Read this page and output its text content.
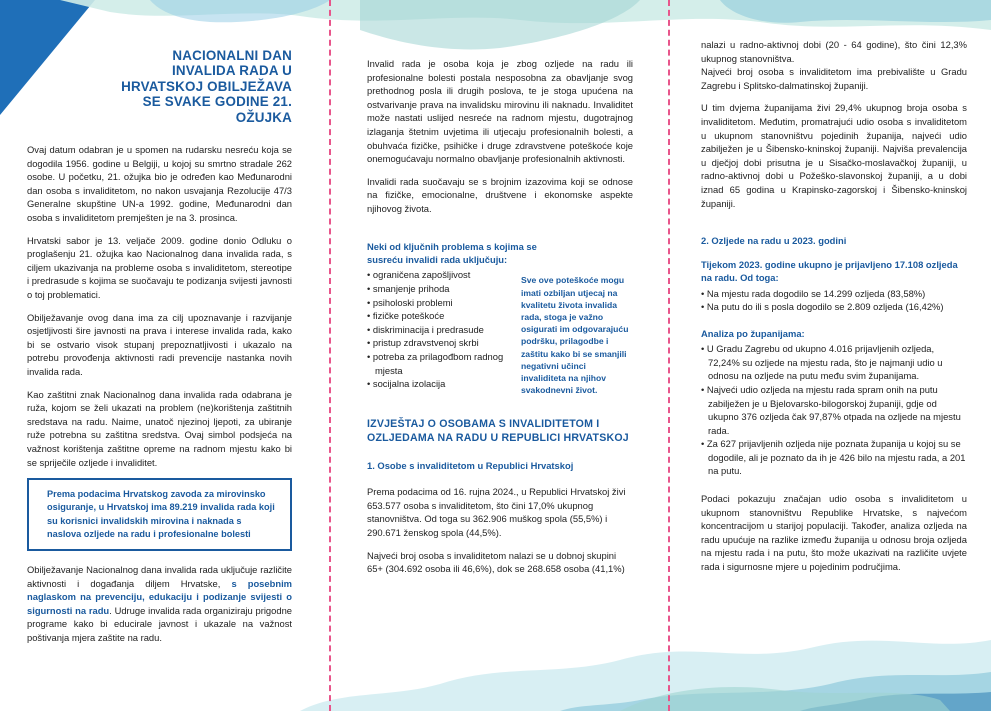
NACIONALNI DAN INVALIDA RADA U HRVATSKOJ OBILJEŽAVA SE SVAKE GODINE 21. OŽUJKA

Ovaj datum odabran je u spomen na rudarsku nesreću koja se dogodila 1956. godine u Belgiji, u kojoj su smrtno stradale 262 osobe. U početku, 21. ožujka bio je određen kao Međunarodni dan osoba s invaliditetom, no nakon usvajanja Rezolucije 47/3 Generalne skupštine UN-a 1992. godine, Međunarodni dan osoba s invaliditetom premješten je na 3. prosinca.

Hrvatski sabor je 13. veljače 2009. godine donio Odluku o proglašenju 21. ožujka kao Nacionalnog dana invalida rada, s ciljem ukazivanja na probleme osoba s invaliditetom, stereotipe i predrasude s kojima se suočavaju te podizanja svijesti javnosti o toj problematici.

Obilježavanje ovog dana ima za cilj upoznavanje i razvijanje osjetljivosti šire javnosti na prava i interese invalida rada, kako bi se ostvario visok stupanj prepoznatljivosti i ukazalo na potrebu provođenja aktivnosti radi prevencije nastanka novih invalida rada.

Kao zaštitni znak Nacionalnog dana invalida rada odabrana je ruža, kojom se želi ukazati na problem (ne)korištenja zaštitnih sredstava na radu. Naime, unatoč njezinoj ljepoti, za ubiranje ruže potrebna su zaštitna sredstva. Ovaj simbol podsjeća na važnost korištenja zaštitne opreme na radnom mjestu kako bi se spriječile ozljede i invaliditet.

Prema podacima Hrvatskog zavoda za mirovinsko osiguranje, u Hrvatskoj ima 89.219 invalida rada koji su korisnici invalidskih mirovina i naknada s naslova ozljede na radu i profesionalne bolesti

Obilježavanje Nacionalnog dana invalida rada uključuje različite aktivnosti i događanja diljem Hrvatske, s posebnim naglaskom na prevenciju, edukaciju i podizanje svijesti o sigurnosti na radu. Udruge invalida rada organiziraju prigodne programe kako bi educirale javnost i ukazale na važnost poštivanja mjera zaštite na radu.

Invalid rada je osoba koja je zbog ozljede na radu ili profesionalne bolesti postala nesposobna za obavljanje svog prethodnog posla ili drugih poslova, te je stoga upućena na ostvarivanje prava na invalidsku mirovinu ili naknadu. Invaliditet može nastati uslijed nesreće na radnom mjestu, dugotrajnog izlaganja štetnim uvjetima ili utjecaju profesionalnih bolesti, a obuhvaća fizičke, psihičke i druge zdravstvene poteškoće koje onemogućavaju normalno obavljanje profesionalnih aktivnosti.

Invalidi rada suočavaju se s brojnim izazovima koji se odnose na fizičke, emocionalne, društvene i ekonomske aspekte njihovog života.

Neki od ključnih problema s kojima se susreću invalidi rada uključuju:
• ograničena zapošljivost
• smanjenje prihoda
• psiholoski problemi
• fizičke poteškoće
• diskriminacija i predrasude
• pristup zdravstvenoj skrbi
• potreba za prilagođbom radnog mjesta
• socijalna izolacija
Sve ove poteškoće mogu imati ozbiljan utjecaj na kvalitetu života invalida rada, stoga je važno osigurati im odgovarajuću podršku, prilagodbe i zaštitu kako bi se smanjili negativni učinci invaliditeta na njihov svakodnevni život.
IZVJEŠTAJ O OSOBAMA S INVALIDITETOM I OZLJEDAMA NA RADU U REPUBLICI HRVATSKOJ
1. Osobe s invaliditetom u Republici Hrvatskoj

Prema podacima od 16. rujna 2024., u Republici Hrvatskoj živi 653.577 osoba s invaliditetom, što čini 17,0% ukupnog stanovništva. Od toga su 362.906 muškog spola (55,5%) i 290.671 ženskog spola (44,5%).

Najveći broj osoba s invaliditetom nalazi se u dobnoj skupini 65+ (304.692 osoba ili 46,6%), dok se 268.658 osoba (41,1%)

nalazi u radno-aktivnoj dobi (20 - 64 godine), što čini 12,3% ukupnog stanovništva.
Najveći broj osoba s invaliditetom ima prebivalište u Gradu Zagrebu i Splitsko-dalmatinskoj županiji.

U tim dvjema županijama živi 29,4% ukupnog broja osoba s invaliditetom. Međutim, promatrajući udio osoba s invaliditetom u ukupnom stanovništvu pojedinih županija, najveći udio zabilježen je u Šibensko-kninskoj županiji. Najviša prevalencija u dječjoj dobi prisutna je u Sisačko-moslavačkoj županiji, u radno-aktivnoj dobi u Požeško-slavonskoj županiji, a u dobi iznad 65 godina u Krapinsko-zagorskoj i Šibensko-kninskoj županiji.

2. Ozljede na radu u 2023. godini
Tijekom 2023. godine ukupno je prijavljeno 17.108 ozljeda na radu. Od toga:
• Na mjestu rada dogodilo se 14.299 ozljeda (83,58%)
• Na putu do ili s posla dogodilo se 2.809 ozljeda (16,42%)
Analiza po županijama:
• U Gradu Zagrebu od ukupno 4.016 prijavljenih ozljeda, 72,24% su ozljede na mjestu rada, što je najmanji udio u odnosu na ozljede na putu među svim županijama.
• Najveći udio ozljeda na mjestu rada spram onih na putu zabilježen je u Bjelovarsko-bilogorskoj županiji, gdje od ukupno 376 ozljeda čak 97,87% otpada na ozljede na mjestu rada.
• Za 627 prijavljenih ozljeda nije poznata županija u kojoj su se dogodile, ali je poznato da ih je 426 bilo na mjestu rada, a 201 na putu.

Podaci pokazuju značajan udio osoba s invaliditetom u ukupnom stanovništvu Republike Hrvatske, s najvećom koncentracijom u starijoj populaciji. Također, analiza ozljeda na radu upućuje na razlike između županija u odnosu broja ozljeda na mjestu rada i na putu, što može ukazivati na različite uvjete rada i sigurnosne mjere u pojedinim područjima.
